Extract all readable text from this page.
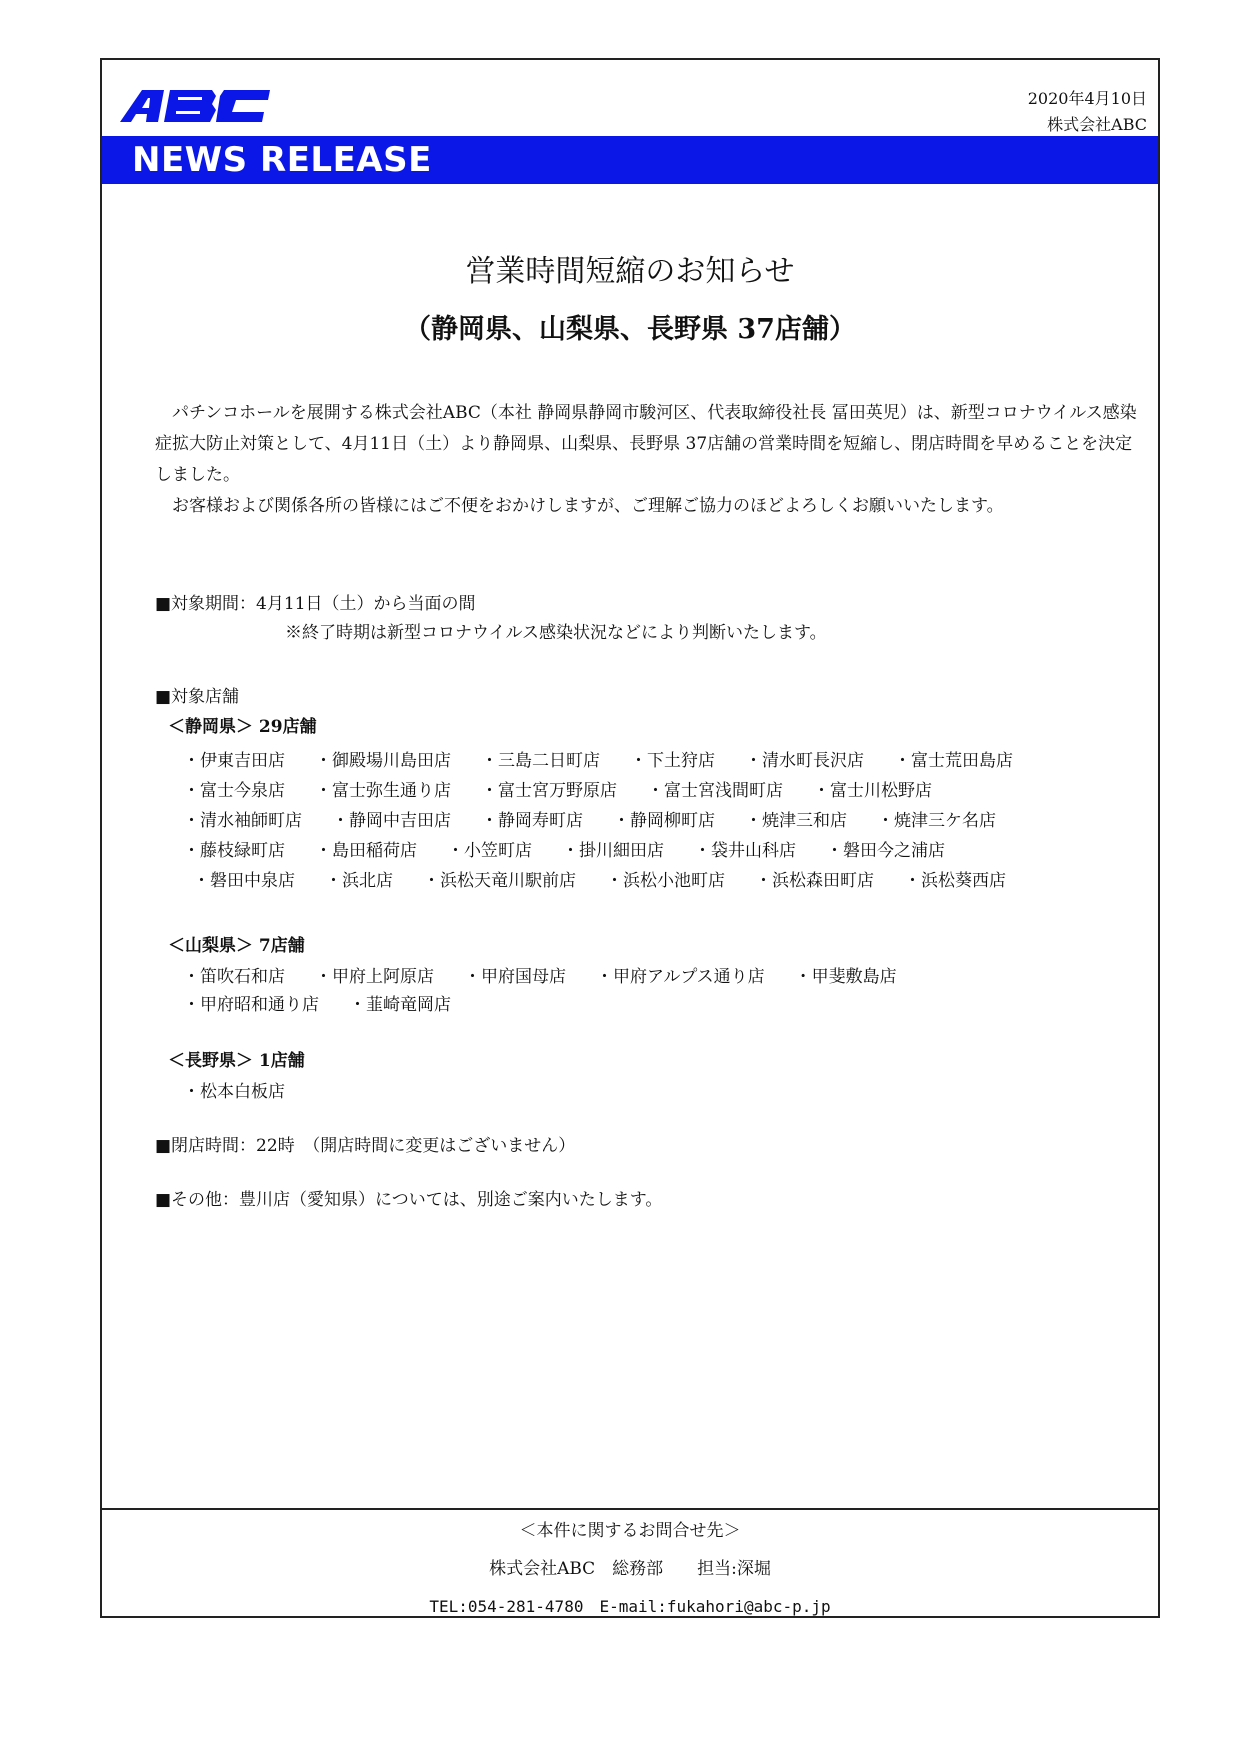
2020年4月10日
株式会社ABC
NEWS RELEASE
営業時間短縮のお知らせ
（静岡県、山梨県、長野県 37店舗）

パチンコホールを展開する株式会社ABC（本社 静岡県静岡市駿河区、代表取締役社長 冨田英児）は、新型コロナウイルス感染症拡大防止対策として、4月11日（土）より静岡県、山梨県、長野県 37店舗の営業時間を短縮し、閉店時間を早めることを決定しました。

お客様および関係各所の皆様にはご不便をおかけしますが、ご理解ご協力のほどよろしくお願いいたします。

■対象期間：4月11日（土）から当面の間
※終了時期は新型コロナウイルス感染状況などにより判断いたします。
■対象店舗
＜静岡県＞ 29店舗
・ 伊東吉田店	・ 御殿場川島田店	・ 三島二日町店	・ 下土狩店	・ 清水町長沢店	・ 富士荒田島店
・ 富士今泉店	・ 富士弥生通り店	・ 富士宮万野原店	・ 富士宮浅間町店	・ 富士川松野店
・ 清水袖師町店	・ 静岡中吉田店	・ 静岡寿町店	・ 静岡柳町店	・ 焼津三和店	・ 焼津三ケ名店
・ 藤枝緑町店	・ 島田稲荷店	・ 小笠町店	・ 掛川細田店	・ 袋井山科店	・ 磐田今之浦店
・ 磐田中泉店	・ 浜北店	・ 浜松天竜川駅前店	・ 浜松小池町店	・ 浜松森田町店	・ 浜松葵西店
＜山梨県＞ 7店舗
・ 笛吹石和店	・ 甲府上阿原店	・ 甲府国母店	・ 甲府アルプス通り店	・ 甲斐敷島店
・ 甲府昭和通り店	・ 韮崎竜岡店
＜長野県＞ 1店舗
・ 松本白板店
■閉店時間：22時　（開店時間に変更はございません）
■その他：豊川店（愛知県）については、別途ご案内いたします。
＜本件に関するお問合せ先＞
株式会社ABC　総務部　　担当:深堀
TEL:054-281-4780　E-mail:fukahori@abc-p.jp
